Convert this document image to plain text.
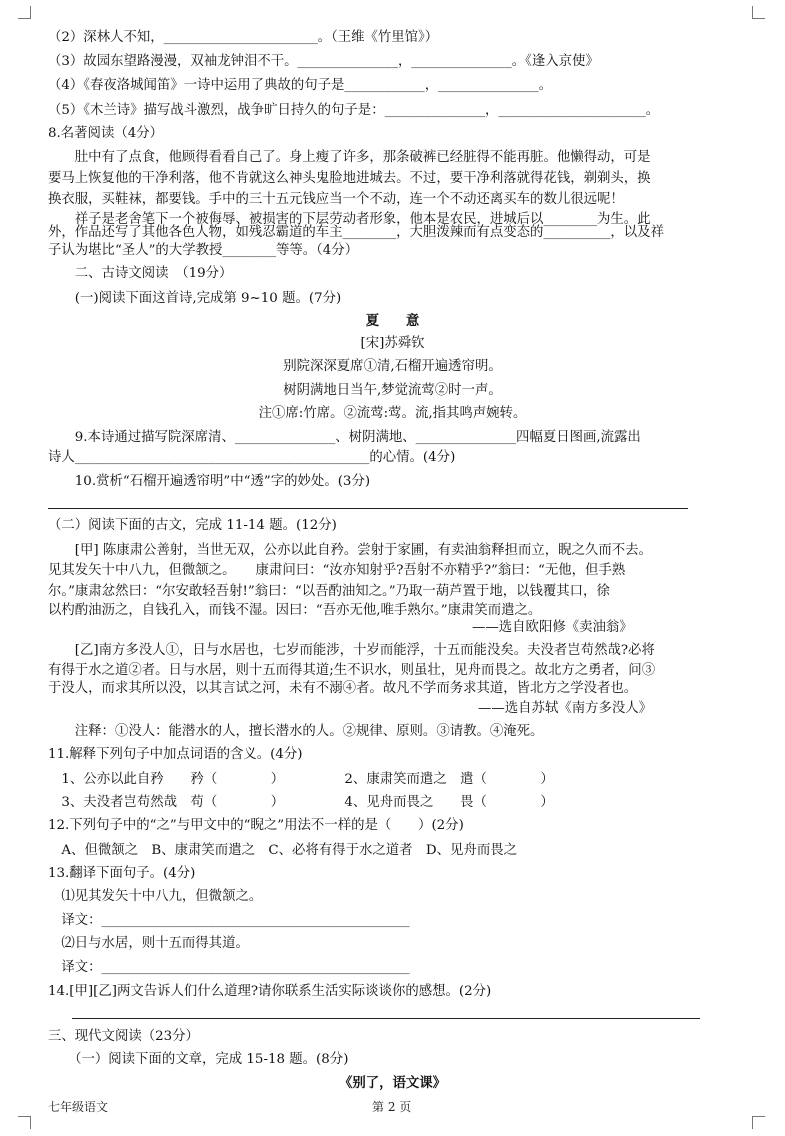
（2）深林人不知，_______________________。（王维《竹里馆》）
（3）故园东望路漫漫，双袖龙钟泪不干。_______________，_______________。《逢入京使》
（4）《春夜洛城闻笛》一诗中运用了典故的句子是____________，_______________。
（5）《木兰诗》描写战斗激烈，战争旷日持久的句子是：_______________，______________________。
8.名著阅读（4分）
　　肚中有了点食，他顾得看看自己了。身上瘦了许多，那条破裤已经脏得不能再脏。他懒得动，可是
要马上恢复他的干净利落，他不肯就这么神头鬼脸地进城去。不过，要干净利落就得花钱，剃剃头，换
换衣服，买鞋袜，都要钱。手中的三十五元钱应当一个不动，连一个不动还离买车的数儿很远呢！
　　祥子是老舍笔下一个被侮辱、被损害的下层劳动者形象，他本是农民，进城后以________为生。此
外，作品还写了其他各色人物，如残忍霸道的车主________，大胆泼辣而有点变态的__________，以及祥
子认为堪比“圣人”的大学教授________等等。（4分）
　　二、古诗文阅读　（19分）
　　(一)阅读下面这首诗,完成第 9~10 题。(7分)
夏　　意
[宋]苏舜钦
别院深深夏席①清,石榴开遍透帘明。
树阴满地日当午,梦觉流莺②时一声。
注①席:竹席。②流莺:莺。流,指其鸣声婉转。
　　9.本诗通过描写院深席清、_______________、树阴满地、_______________四幅夏日图画,流露出
诗人____________________________________________的心情。(4分)
　　10.赏析“石榴开遍透帘明”中“透”字的妙处。(3分)
（二）阅读下面的古文，完成 11-14 题。(12分)
　　[甲] 陈康肃公善射，当世无双，公亦以此自矜。尝射于家圃，有卖油翁释担而立，睨之久而不去。
见其发矢十中八九，但微颔之。　　康肃问曰：“汝亦知射乎?吾射不亦精乎?”翁曰：“无他，但手熟
尔。”康肃忿然曰：“尔安敢轻吾射!”翁曰：“以吾酌油知之。”乃取一葫芦置于地，以钱覆其口，徐
以杓酌油沥之，自钱孔入，而钱不湿。因曰：“吾亦无他,唯手熟尔。”康肃笑而遣之。
——选自欧阳修《卖油翁》
　　[乙]南方多没人①，日与水居也，七岁而能涉，十岁而能浮，十五而能没矣。夫没者岂苟然哉?必将
有得于水之道②者。日与水居，则十五而得其道;生不识水，则虽壮，见舟而畏之。故北方之勇者，问③
于没人，而求其所以没，以其言试之河，未有不溺④者。故凡不学而务求其道，皆北方之学没者也。
——选自苏轼《南方多没人》
　　注释：①没人：能潜水的人，擅长潜水的人。②规律、原则。③请教。④淹死。
11.解释下列句子中加点词语的含义。(4分)
　1、公亦以此自矜　　矜（　　　　）　　　　　2、康肃笑而遣之　遣（　　　　）
　3、夫没者岂苟然哉　苟（　　　　）　　　　　4、见舟而畏之　　畏（　　　　）
12.下列句子中的“之”与甲文中的“睨之”用法不一样的是（　　）(2分)
　A、但微颔之　B、康肃笑而遣之　C、必将有得于水之道者　D、见舟而畏之
13.翻译下面句子。(4分)
　⑴见其发矢十中八九，但微颔之。
　译文：______________________________________________
　⑵日与水居，则十五而得其道。
　译文：______________________________________________
14.[甲][乙]两文告诉人们什么道理?请你联系生活实际谈谈你的感想。(2分)
三、现代文阅读（23分）
　　（一）阅读下面的文章，完成 15-18 题。(8分)
《别了，语文课》
七年级语文	第 2 页
